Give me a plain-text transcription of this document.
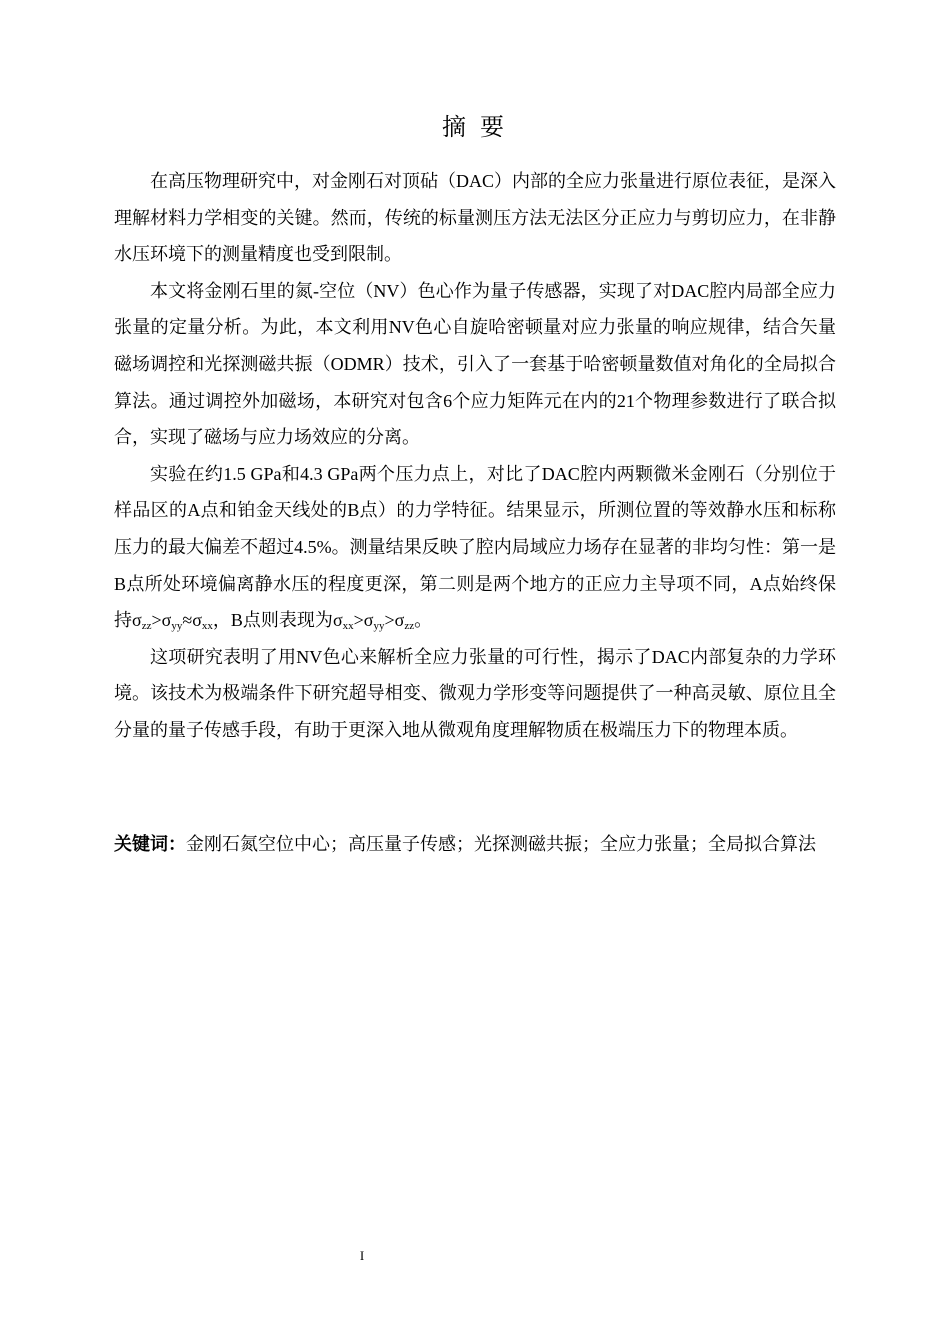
摘要

在高压物理研究中，对金刚石对顶砧（DAC）内部的全应力张量进行原位表征，是深入理解材料力学相变的关键。然而，传统的标量测压方法无法区分正应力与剪切应力，在非静水压环境下的测量精度也受到限制。

本文将金刚石里的氮-空位（NV）色心作为量子传感器，实现了对DAC腔内局部全应力张量的定量分析。为此，本文利用NV色心自旋哈密顿量对应力张量的响应规律，结合矢量磁场调控和光探测磁共振（ODMR）技术，引入了一套基于哈密顿量数值对角化的全局拟合算法。通过调控外加磁场，本研究对包含6个应力矩阵元在内的21个物理参数进行了联合拟合，实现了磁场与应力场效应的分离。

实验在约1.5 GPa和4.3 GPa两个压力点上，对比了DAC腔内两颗微米金刚石（分别位于样品区的A点和铂金天线处的B点）的力学特征。结果显示，所测位置的等效静水压和标称压力的最大偏差不超过4.5%。测量结果反映了腔内局域应力场存在显著的非均匀性：第一是B点所处环境偏离静水压的程度更深，第二则是两个地方的正应力主导项不同，A点始终保持$\sigma_{zz}>\sigma_{yy}\approx\sigma_{xx}$，B点则表现为$\sigma_{xx}>\sigma_{yy}>\sigma_{zz}$。

这项研究表明了用NV色心来解析全应力张量的可行性，揭示了DAC内部复杂的力学环境。该技术为极端条件下研究超导相变、微观力学形变等问题提供了一种高灵敏、原位且全分量的量子传感手段，有助于更深入地从微观角度理解物质在极端压力下的物理本质。

关键词：金刚石氮空位中心；高压量子传感；光探测磁共振；全应力张量；全局拟合算法

I
